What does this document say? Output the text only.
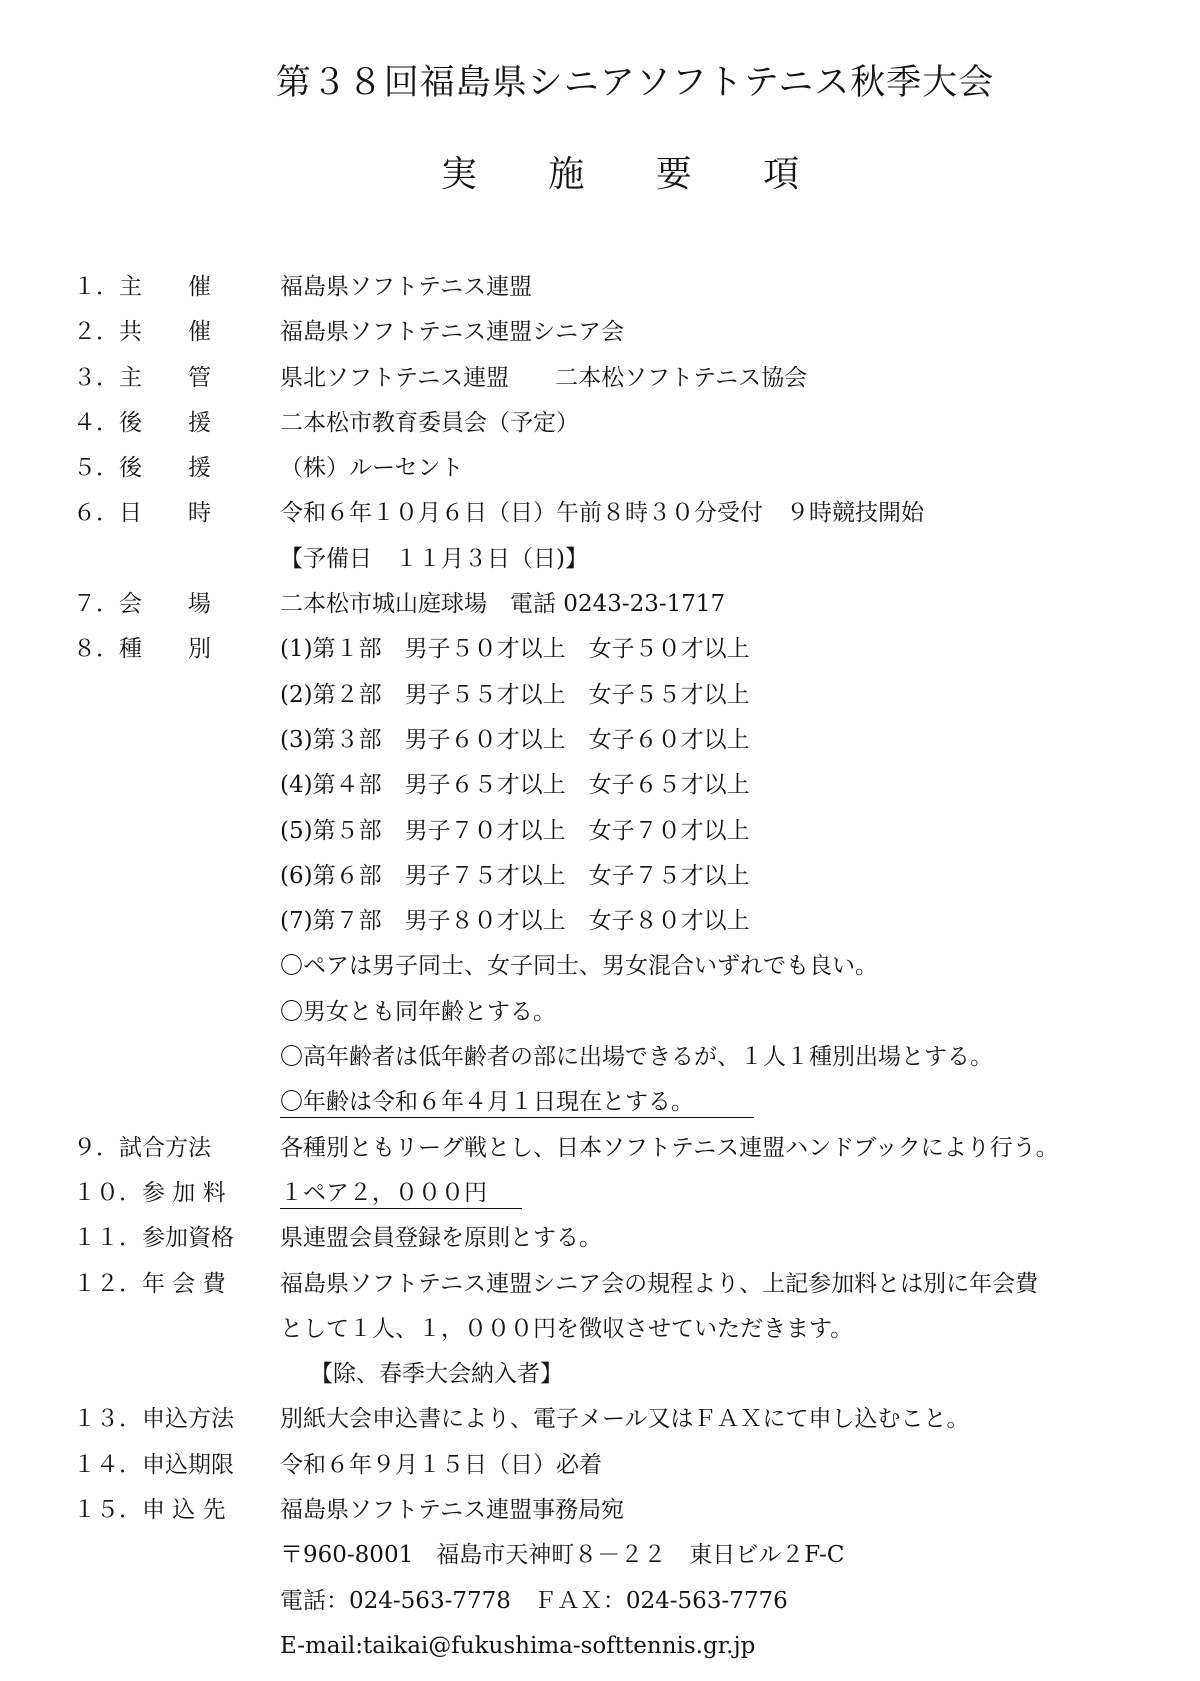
第３８回福島県シニアソフトテニス秋季大会
実 施 要 項
１．主　　催	福島県ソフトテニス連盟
２．共　　催	福島県ソフトテニス連盟シニア会
３．主　　管	県北ソフトテニス連盟　　二本松ソフトテニス協会
４．後　　援	二本松市教育委員会（予定）
５．後　　援	（株）ルーセント
６．日　　時	令和６年１０月６日（日）午前８時３０分受付　９時競技開始
【予備日　１１月３日（日)】
７．会　　場	二本松市城山庭球場　電話 0243-23-1717
８．種　　別	(1)第１部　男子５０才以上　女子５０才以上
(2)第２部　男子５５才以上　女子５５才以上
(3)第３部　男子６０才以上　女子６０才以上
(4)第４部　男子６５才以上　女子６５才以上
(5)第５部　男子７０才以上　女子７０才以上
(6)第６部　男子７５才以上　女子７５才以上
(7)第７部　男子８０才以上　女子８０才以上
〇ペアは男子同士、女子同士、男女混合いずれでも良い。
〇男女とも同年齢とする。
〇高年齢者は低年齢者の部に出場できるが、１人１種別出場とする。
〇年齢は令和６年４月１日現在とする。
９．試合方法	各種別ともリーグ戦とし、日本ソフトテニス連盟ハンドブックにより行う。
１０．参 加 料 １ペア２，０００円
１１．参加資格 県連盟会員登録を原則とする。
１２．年 会 費 福島県ソフトテニス連盟シニア会の規程より、上記参加料とは別に年会費
として１人、１，０００円を徴収させていただきます。
【除、春季大会納入者】
１３．申込方法 別紙大会申込書により、電子メール又はＦＡＸにて申し込むこと。
１４．申込期限 令和６年９月１５日（日）必着
１５．申 込 先 福島県ソフトテニス連盟事務局宛
〒960-8001　福島市天神町８－２２　東日ビル２F-C
電話：024-563-7778　ＦＡＸ：024-563-7776
E-mail:taikai@fukushima-softtennis.gr.jp
